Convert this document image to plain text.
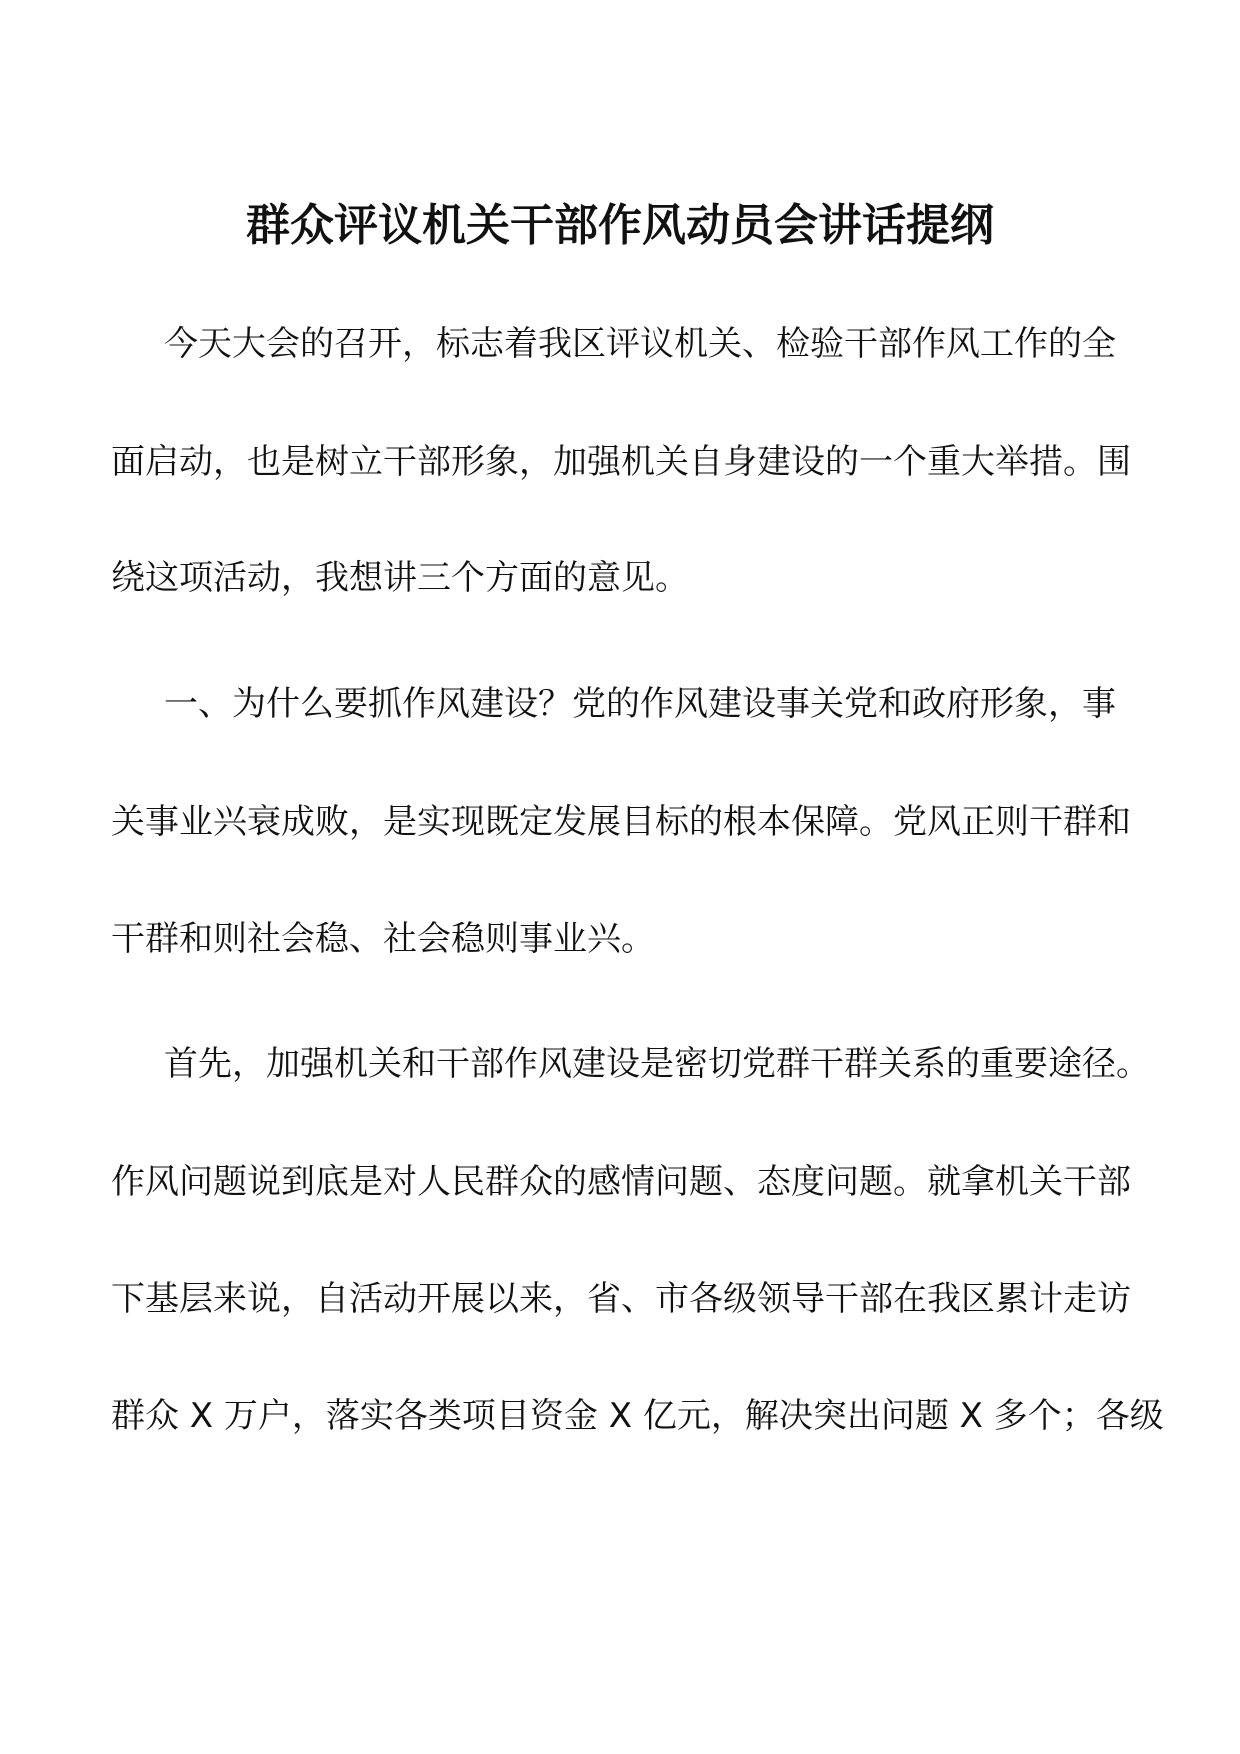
群众评议机关干部作风动员会讲话提纲
今天大会的召开，标志着我区评议机关、检验干部作风工作的全
面启动，也是树立干部形象，加强机关自身建设的一个重大举措。围
绕这项活动，我想讲三个方面的意见。
一、为什么要抓作风建设？党的作风建设事关党和政府形象，事
关事业兴衰成败，是实现既定发展目标的根本保障。党风正则干群和
干群和则社会稳、社会稳则事业兴。
首先，加强机关和干部作风建设是密切党群干群关系的重要途径。
作风问题说到底是对人民群众的感情问题、态度问题。就拿机关干部
下基层来说，自活动开展以来，省、市各级领导干部在我区累计走访
群众 X 万户，落实各类项目资金 X 亿元，解决突出问题 X 多个；各级
